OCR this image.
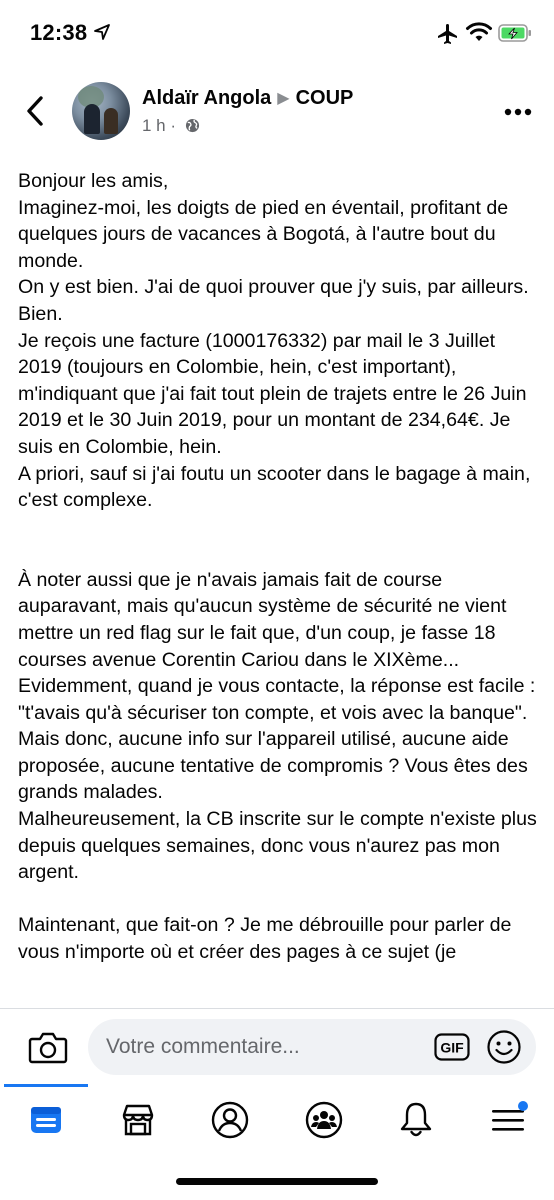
12:38
Aldaïr Angola ▶ COUP
1 h ·

Bonjour les amis,
Imaginez-moi, les doigts de pied en éventail, profitant de quelques jours de vacances à Bogotá, à l'autre bout du monde.
On y est bien. J'ai de quoi prouver que j'y suis, par ailleurs. Bien.
Je reçois une facture (1000176332) par mail le 3 Juillet 2019 (toujours en Colombie, hein, c'est important), m'indiquant que j'ai fait tout plein de trajets entre le 26 Juin 2019 et le 30 Juin 2019, pour un montant de 234,64€. Je suis en Colombie, hein.
A priori, sauf si j'ai foutu un scooter dans le bagage à main, c'est complexe.

À noter aussi que je n'avais jamais fait de course auparavant, mais qu'aucun système de sécurité ne vient mettre un red flag sur le fait que, d'un coup, je fasse 18 courses avenue Corentin Cariou dans le XIXème...
Evidemment, quand je vous contacte, la réponse est facile : "t'avais qu'à sécuriser ton compte, et vois avec la banque".
Mais donc, aucune info sur l'appareil utilisé, aucune aide proposée, aucune tentative de compromis ? Vous êtes des grands malades.
Malheureusement, la CB inscrite sur le compte n'existe plus depuis quelques semaines, donc vous n'aurez pas mon argent.

Maintenant, que fait-on ? Je me débrouille pour parler de vous n'importe où et créer des pages à ce sujet (je

Votre commentaire...
GIF
